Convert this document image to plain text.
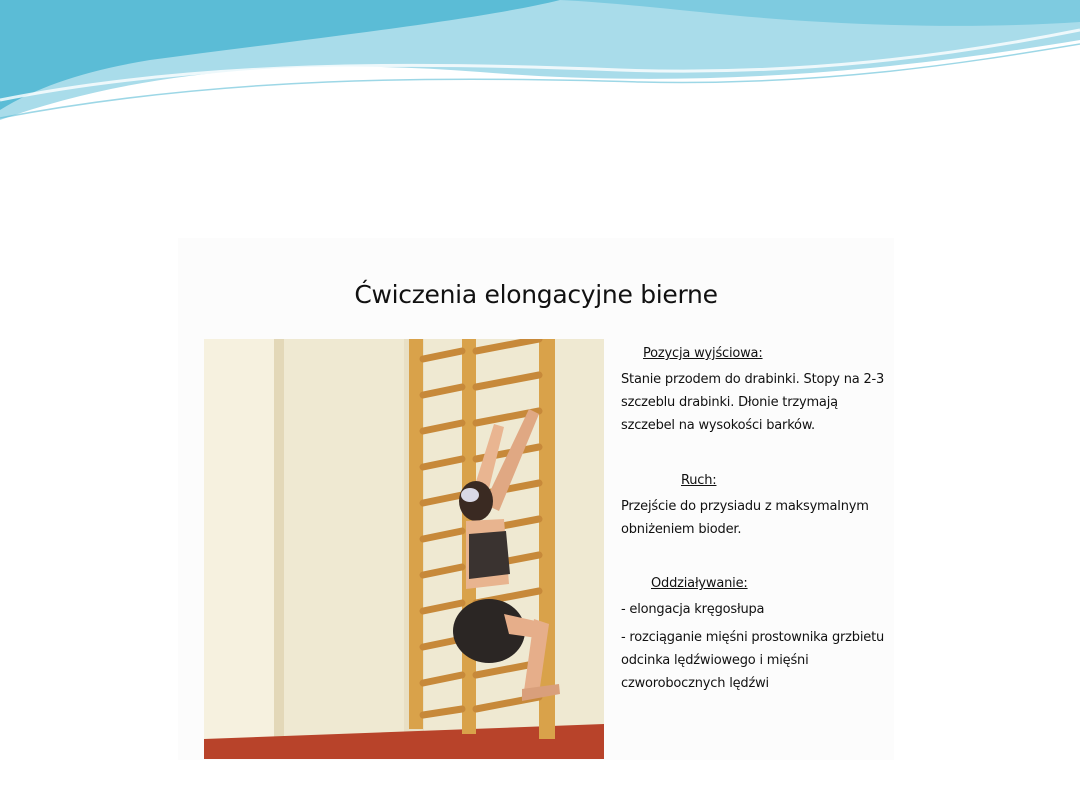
Ćwiczenia elongacyjne bierne
Pozycja wyjściowa:
Stanie przodem do drabinki. Stopy na 2-3 szczeblu drabinki. Dłonie trzymają szczebel na wysokości barków.
Ruch:
Przejście do przysiadu z maksymalnym obniżeniem bioder.
Oddziaływanie:
- elongacja kręgosłupa
- rozciąganie mięśni prostownika grzbietu odcinka lędźwiowego i mięśni czworobocznych lędźwi
